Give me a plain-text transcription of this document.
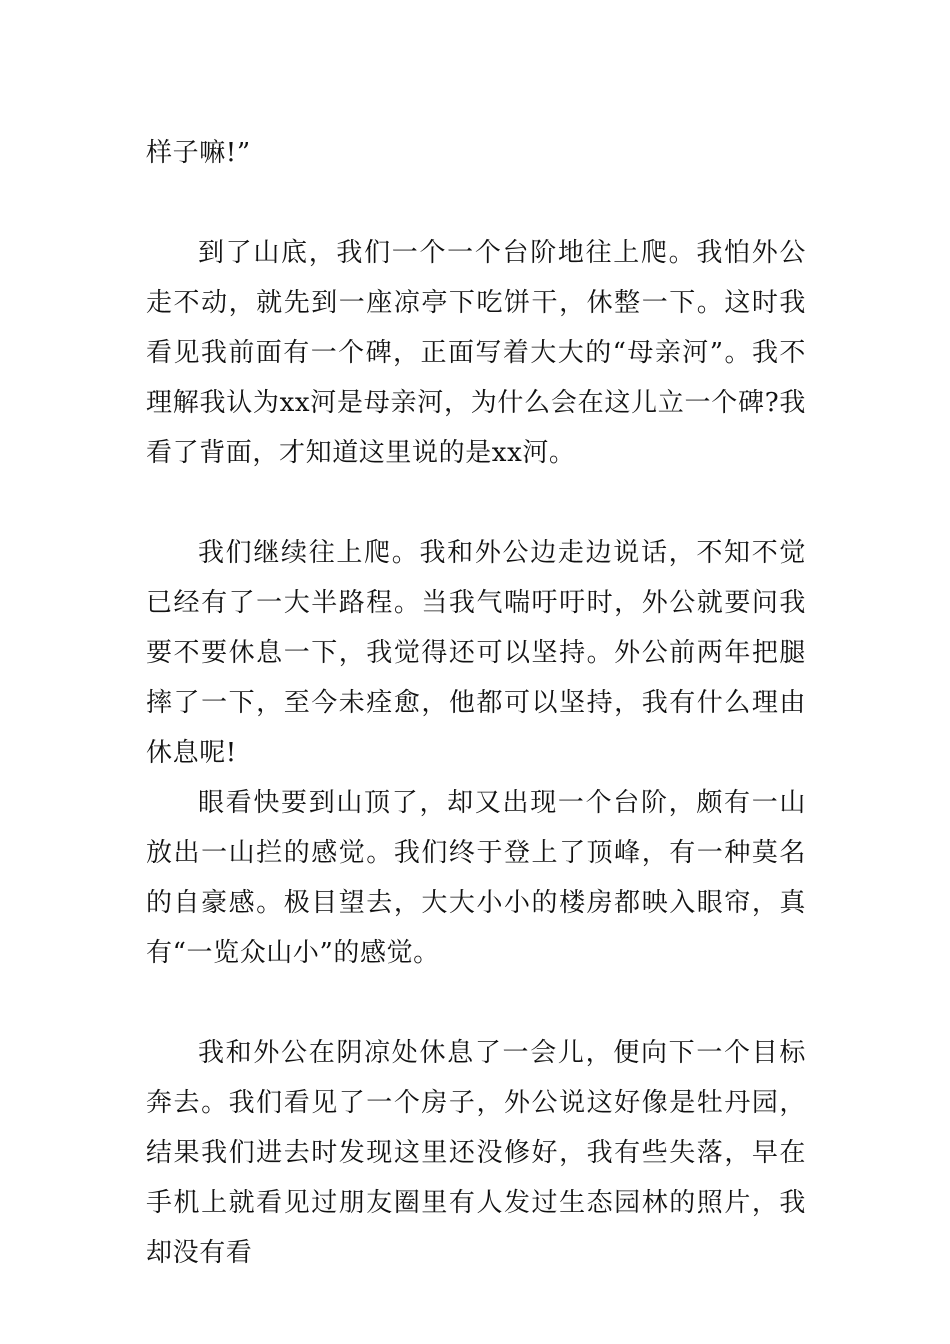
样子嘛!”

到了山底，我们一个一个台阶地往上爬。我怕外公走不动，就先到一座凉亭下吃饼干，休整一下。这时我看见我前面有一个碑，正面写着大大的“母亲河”。我不理解我认为xx河是母亲河，为什么会在这儿立一个碑?我看了背面，才知道这里说的是xx河。

我们继续往上爬。我和外公边走边说话，不知不觉已经有了一大半路程。当我气喘吁吁时，外公就要问我要不要休息一下，我觉得还可以坚持。外公前两年把腿摔了一下，至今未痊愈，他都可以坚持，我有什么理由休息呢!

眼看快要到山顶了，却又出现一个台阶，颇有一山放出一山拦的感觉。我们终于登上了顶峰，有一种莫名的自豪感。极目望去，大大小小的楼房都映入眼帘，真有“一览众山小”的感觉。

我和外公在阴凉处休息了一会儿，便向下一个目标奔去。我们看见了一个房子，外公说这好像是牡丹园，结果我们进去时发现这里还没修好，我有些失落，早在手机上就看见过朋友圈里有人发过生态园林的照片，我却没有看
